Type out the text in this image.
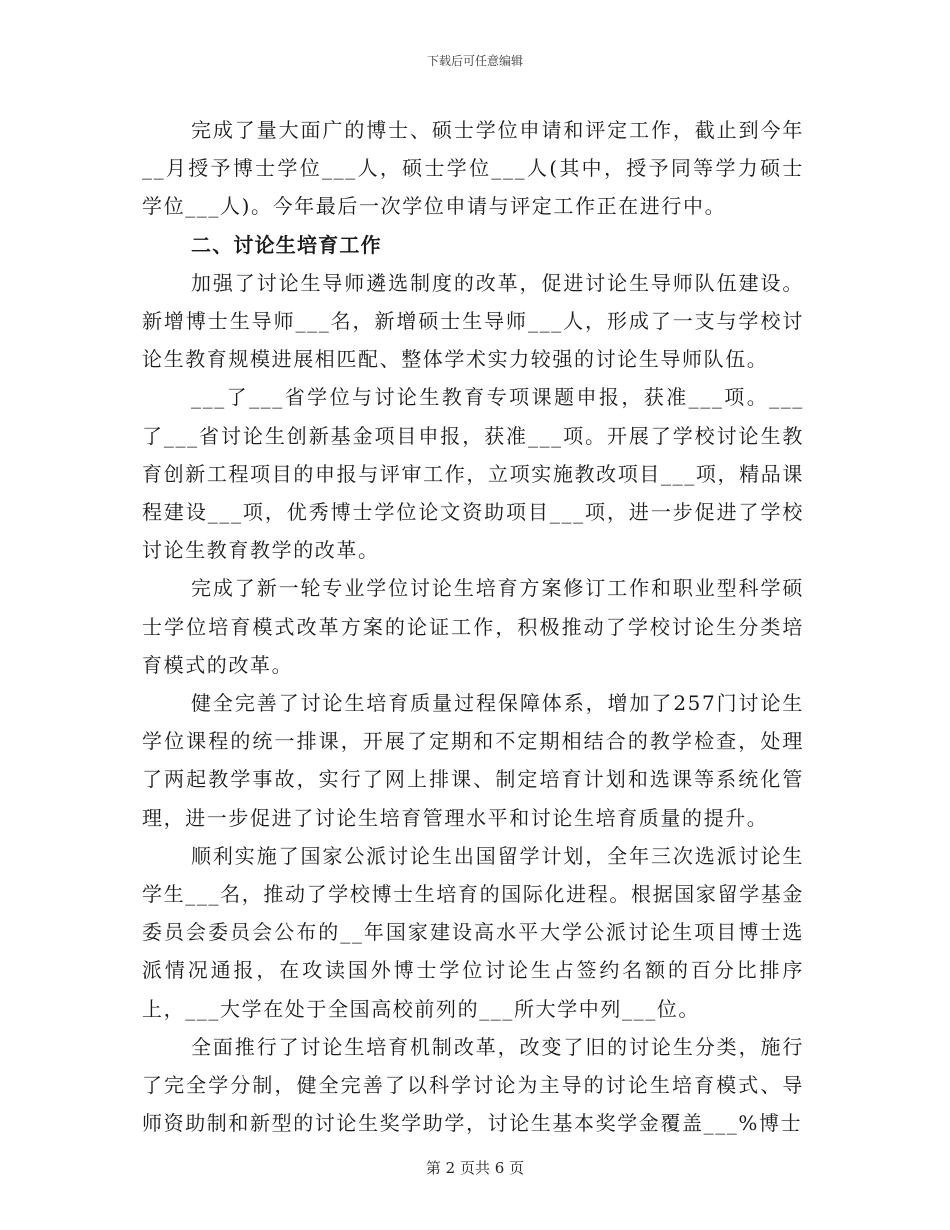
下载后可任意编辑

完成了量大面广的博士、硕士学位申请和评定工作，截止到今年__月授予博士学位___人，硕士学位___人(其中，授予同等学力硕士学位___人)。今年最后一次学位申请与评定工作正在进行中。

二、讨论生培育工作

加强了讨论生导师遴选制度的改革，促进讨论生导师队伍建设。新增博士生导师___名，新增硕士生导师___人，形成了一支与学校讨论生教育规模进展相匹配、整体学术实力较强的讨论生导师队伍。

___了___省学位与讨论生教育专项课题申报，获准___项。___了___省讨论生创新基金项目申报，获准___项。开展了学校讨论生教育创新工程项目的申报与评审工作，立项实施教改项目___项，精品课程建设___项，优秀博士学位论文资助项目___项，进一步促进了学校讨论生教育教学的改革。

完成了新一轮专业学位讨论生培育方案修订工作和职业型科学硕士学位培育模式改革方案的论证工作，积极推动了学校讨论生分类培育模式的改革。

健全完善了讨论生培育质量过程保障体系，增加了257门讨论生学位课程的统一排课，开展了定期和不定期相结合的教学检查，处理了两起教学事故，实行了网上排课、制定培育计划和选课等系统化管理，进一步促进了讨论生培育管理水平和讨论生培育质量的提升。

顺利实施了国家公派讨论生出国留学计划，全年三次选派讨论生学生___名，推动了学校博士生培育的国际化进程。根据国家留学基金委员会委员会公布的__年国家建设高水平大学公派讨论生项目博士选派情况通报，在攻读国外博士学位讨论生占签约名额的百分比排序上，___大学在处于全国高校前列的___所大学中列___位。

全面推行了讨论生培育机制改革，改变了旧的讨论生分类，施行了完全学分制，健全完善了以科学讨论为主导的讨论生培育模式、导师资助制和新型的讨论生奖学助学，讨论生基本奖学金覆盖___%博士

第 2 页共 6 页
